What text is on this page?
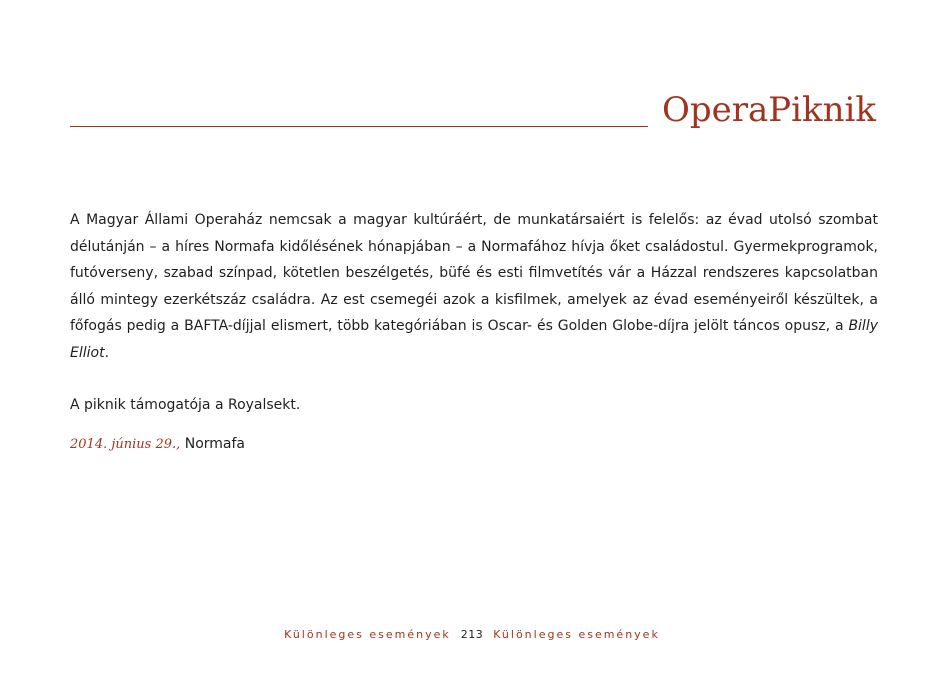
OperaPiknik

A Magyar Állami Operaház nemcsak a magyar kultúráért, de munkatársaiért is felelős: az évad utolsó szombat délutánján – a híres Normafa kidőlésének hónapjában – a Normafához hívja őket családostul. Gyermekprogramok, futóverseny, szabad színpad, kötetlen beszélgetés, büfé és esti filmvetítés vár a Házzal rendszeres kapcsolatban álló mintegy ezerkétszáz családra. Az est csemegéi azok a kisfilmek, amelyek az évad eseményeiről készültek, a főfogás pedig a BAFTA-díjjal elismert, több kategóriában is Oscar- és Golden Globe-díjra jelölt táncos opusz, a Billy Elliot.

A piknik támogatója a Royalsekt.

2014. június 29., Normafa

Különleges események 213 Különleges események
